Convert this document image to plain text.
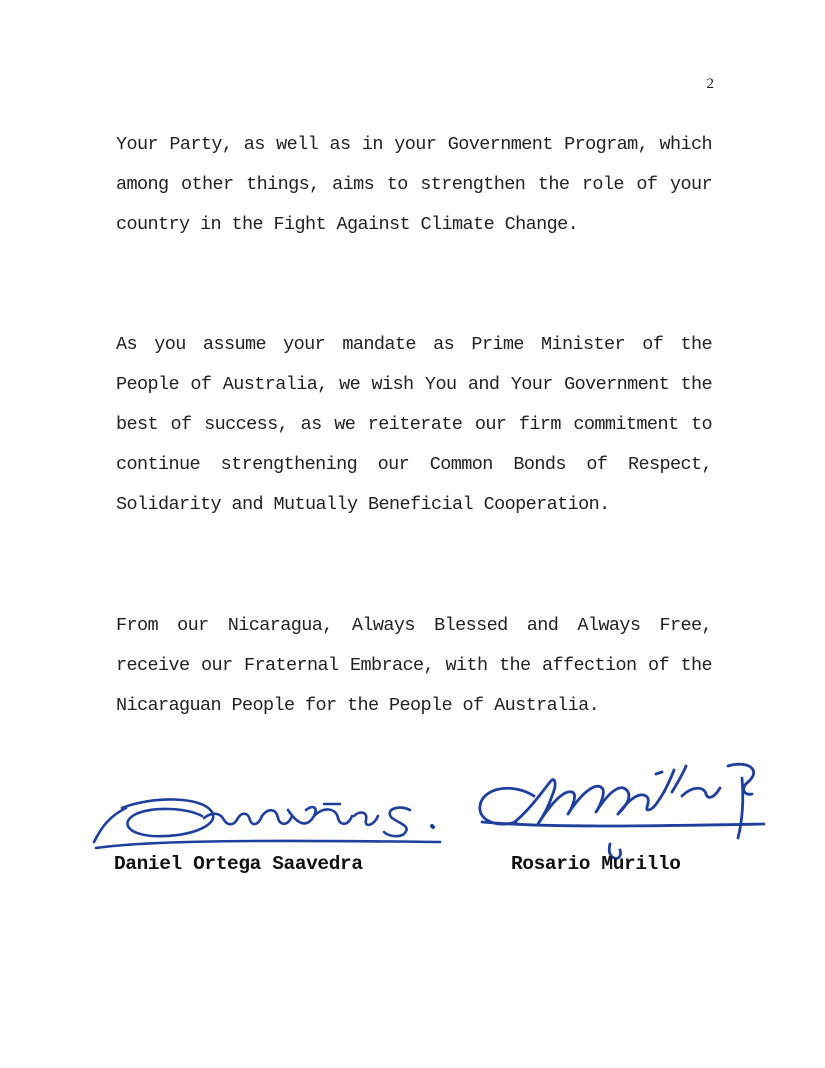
2

Your Party, as well as in your Government Program, which among other things, aims to strengthen the role of your country in the Fight Against Climate Change.

As you assume your mandate as Prime Minister of the People of Australia, we wish You and Your Government the best of success, as we reiterate our firm commitment to continue strengthening our Common Bonds of Respect, Solidarity and Mutually Beneficial Cooperation.

From our Nicaragua, Always Blessed and Always Free, receive our Fraternal Embrace, with the affection of the Nicaraguan People for the People of Australia.

Daniel Ortega Saavedra	Rosario Murillo
